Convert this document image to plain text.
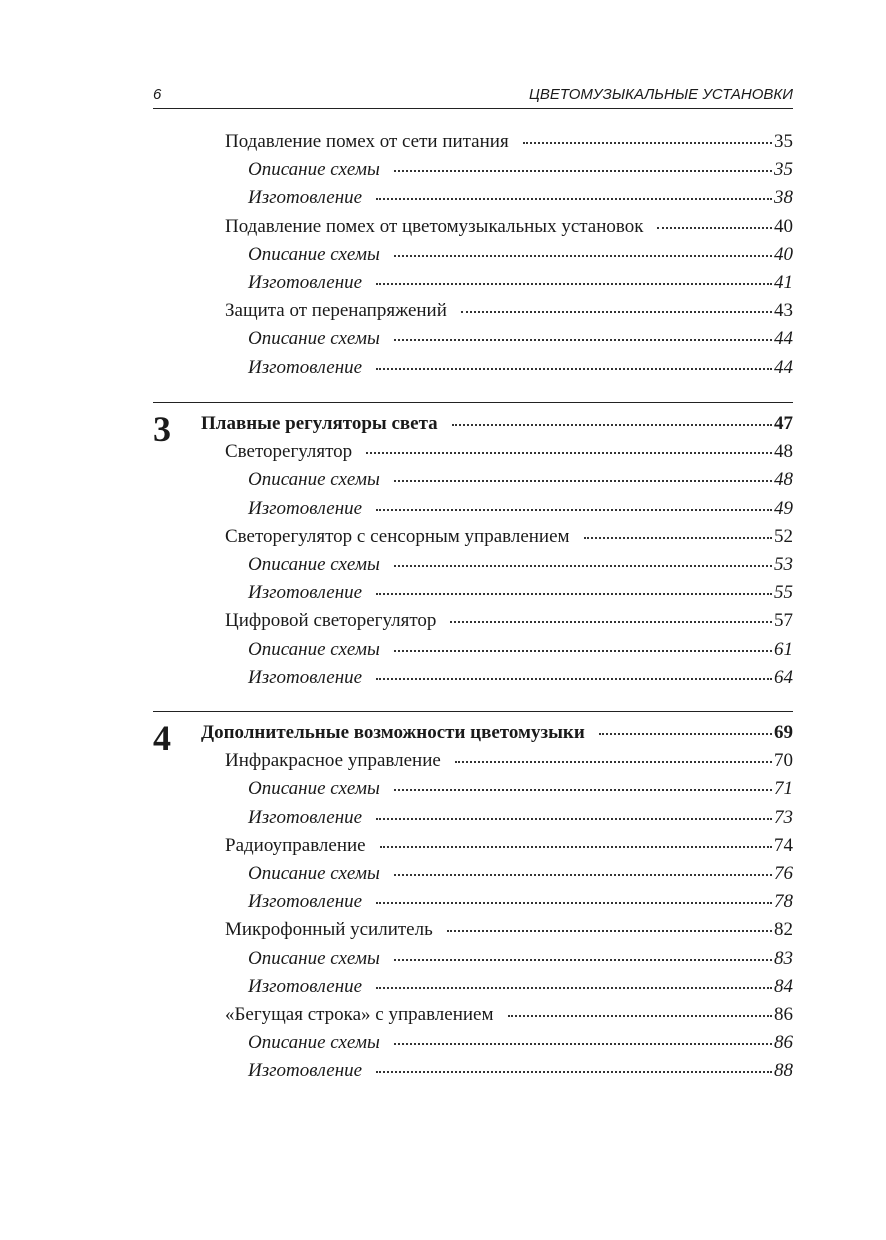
6	ЦВЕТОМУЗЫКАЛЬНЫЕ УСТАНОВКИ
Подавление помех от сети питания	35
Описание схемы	35
Изготовление	38
Подавление помех от цветомузыкальных установок	40
Описание схемы	40
Изготовление	41
Защита от перенапряжений	43
Описание схемы	44
Изготовление	44
3 Плавные регуляторы света	47
Светорегулятор	48
Описание схемы	48
Изготовление	49
Светорегулятор с сенсорным управлением	52
Описание схемы	53
Изготовление	55
Цифровой светорегулятор	57
Описание схемы	61
Изготовление	64
4 Дополнительные возможности цветомузыки	69
Инфракрасное управление	70
Описание схемы	71
Изготовление	73
Радиоуправление	74
Описание схемы	76
Изготовление	78
Микрофонный усилитель	82
Описание схемы	83
Изготовление	84
«Бегущая строка» с управлением	86
Описание схемы	86
Изготовление	88
